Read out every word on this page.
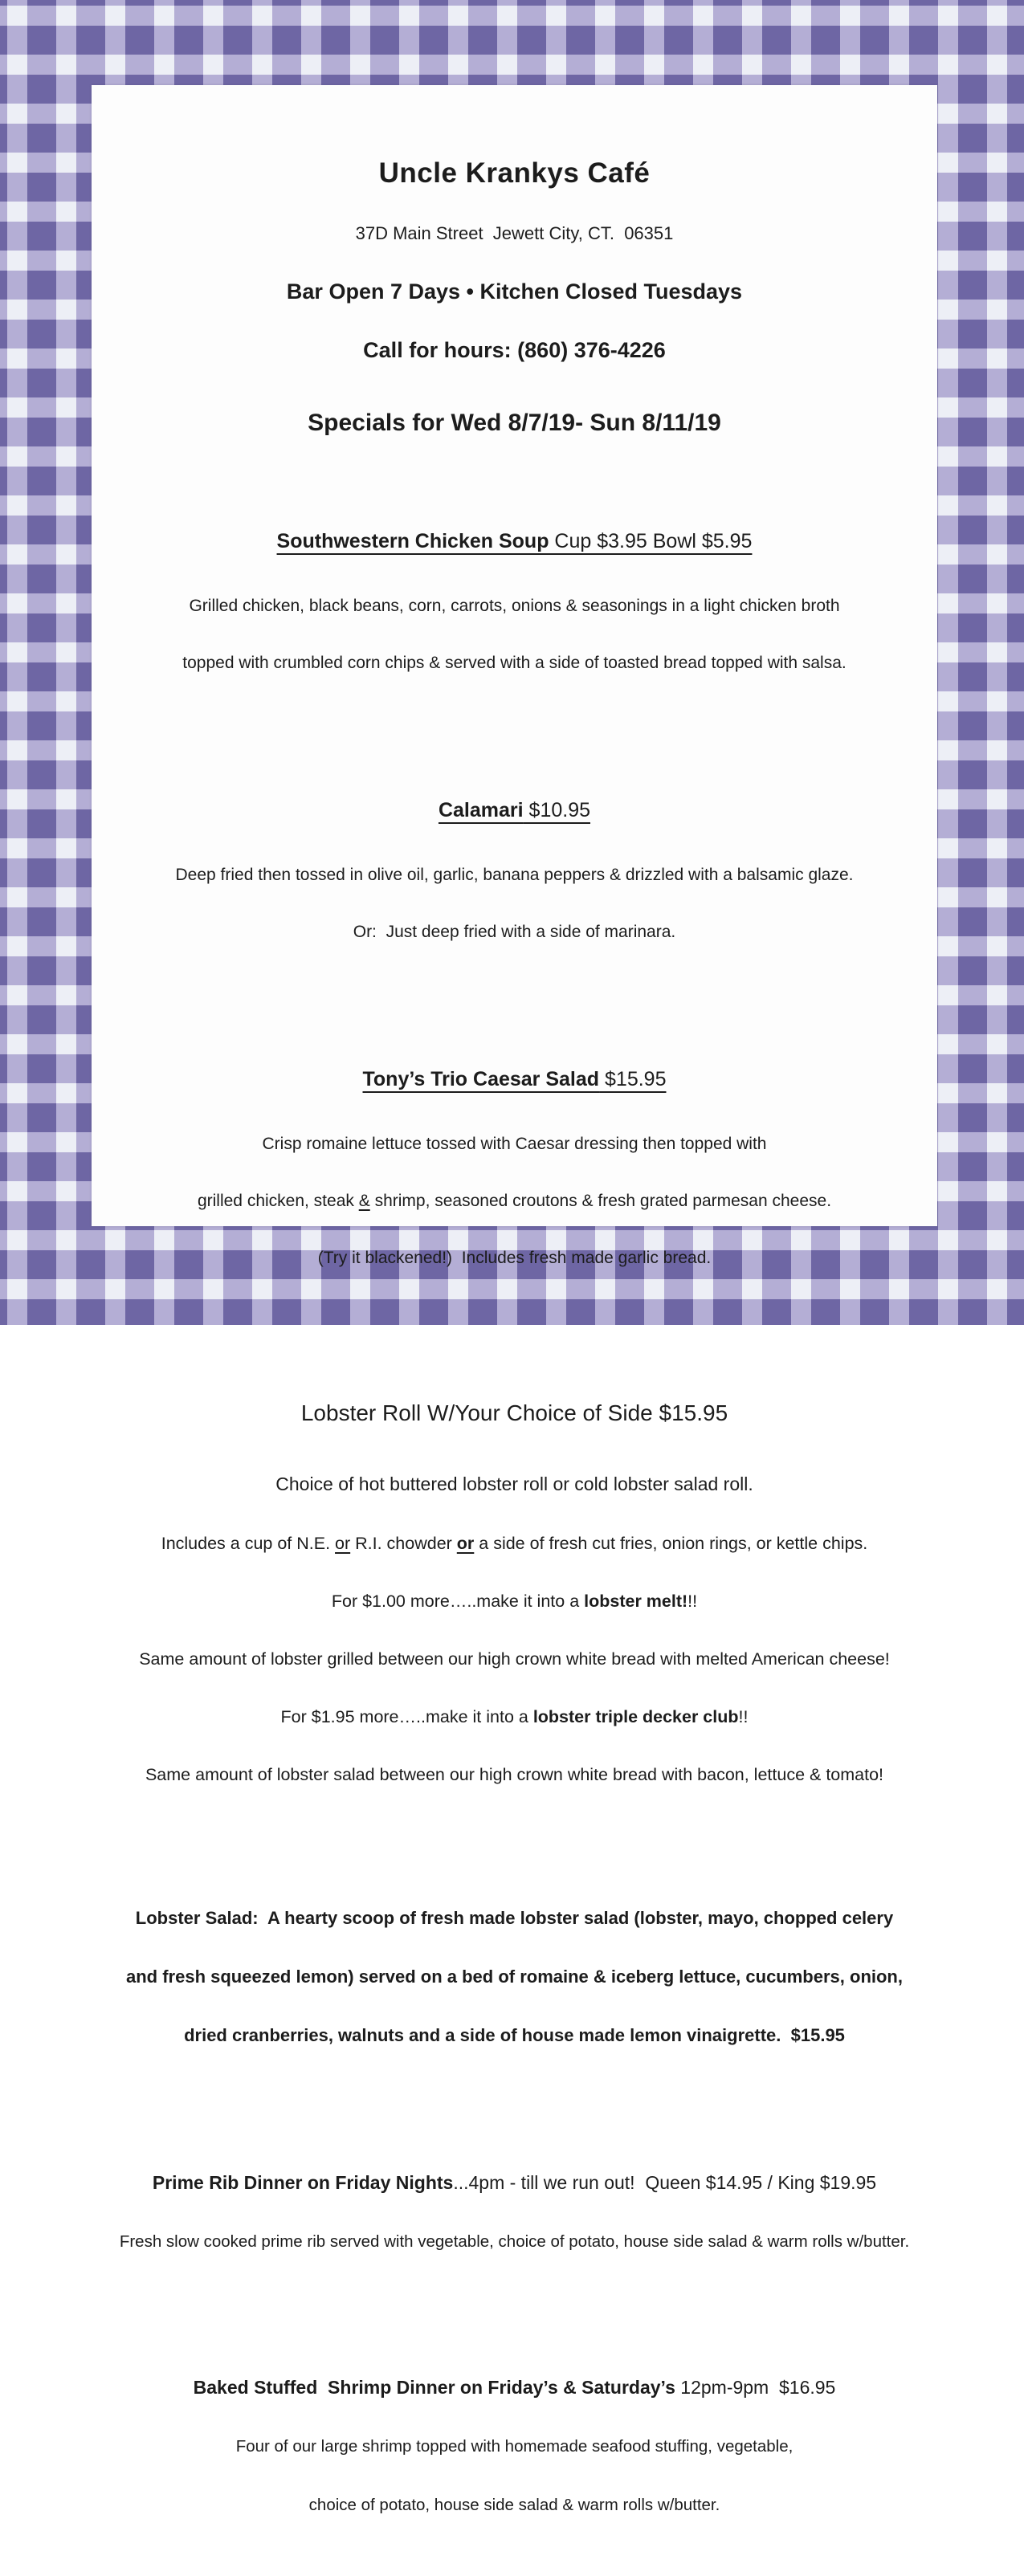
Uncle Krankys Café

37D Main Street  Jewett City, CT.  06351

Bar Open 7 Days • Kitchen Closed Tuesdays

Call for hours: (860) 376-4226

Specials for Wed 8/7/19- Sun 8/11/19

Southwestern Chicken Soup Cup $3.95 Bowl $5.95

Grilled chicken, black beans, corn, carrots, onions & seasonings in a light chicken broth

topped with crumbled corn chips & served with a side of toasted bread topped with salsa.

Calamari $10.95

Deep fried then tossed in olive oil, garlic, banana peppers & drizzled with a balsamic glaze.

Or:  Just deep fried with a side of marinara.

Tony’s Trio Caesar Salad $15.95

Crisp romaine lettuce tossed with Caesar dressing then topped with

grilled chicken, steak & shrimp, seasoned croutons & fresh grated parmesan cheese.

(Try it blackened!)  Includes fresh made garlic bread.

Lobster Roll W/Your Choice of Side $15.95

Choice of hot buttered lobster roll or cold lobster salad roll.

Includes a cup of N.E. or R.I. chowder or a side of fresh cut fries, onion rings, or kettle chips.

For $1.00 more…..make it into a lobster melt!!!

Same amount of lobster grilled between our high crown white bread with melted American cheese!

For $1.95 more…..make it into a lobster triple decker club!!

Same amount of lobster salad between our high crown white bread with bacon, lettuce & tomato!

Lobster Salad:  A hearty scoop of fresh made lobster salad (lobster, mayo, chopped celery

and fresh squeezed lemon) served on a bed of romaine & iceberg lettuce, cucumbers, onion,

dried cranberries, walnuts and a side of house made lemon vinaigrette.  $15.95

Prime Rib Dinner on Friday Nights...4pm - till we run out!  Queen $14.95 / King $19.95

Fresh slow cooked prime rib served with vegetable, choice of potato, house side salad & warm rolls w/butter.

Baked Stuffed  Shrimp Dinner on Friday’s & Saturday’s 12pm-9pm  $16.95

Four of our large shrimp topped with homemade seafood stuffing, vegetable,

choice of potato, house side salad & warm rolls w/butter.
